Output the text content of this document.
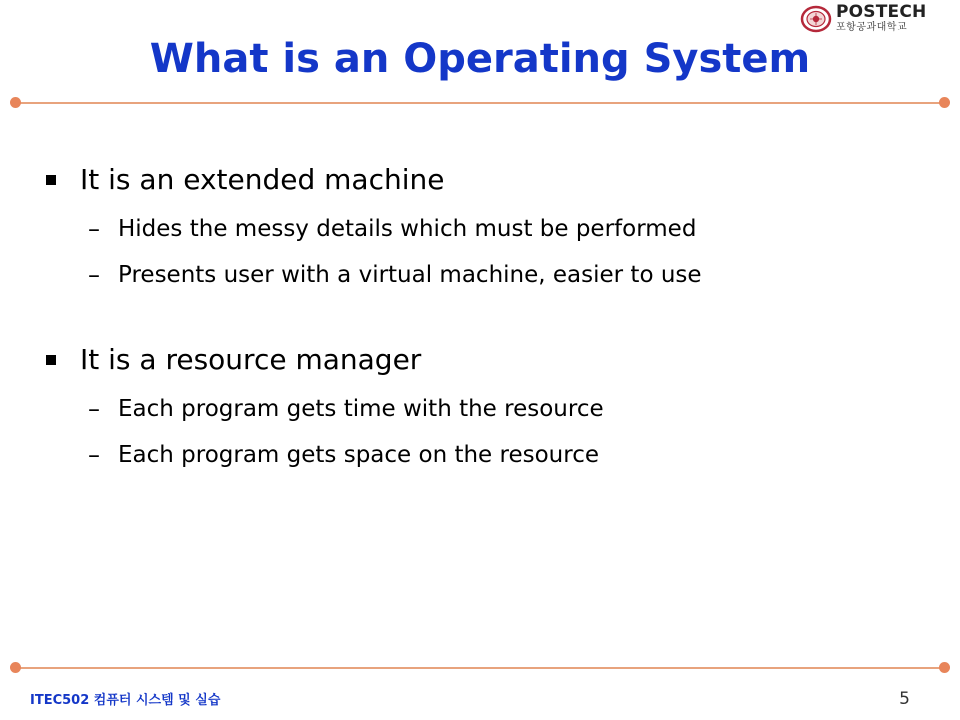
POSTECH
포항공과대학교
What is an Operating System
It is an extended machine
– Hides the messy details which must be performed
– Presents user with a virtual machine, easier to use
It is a resource manager
– Each program gets time with the resource
– Each program gets space on the resource
ITEC502 컴퓨터 시스템 및 실습	5
